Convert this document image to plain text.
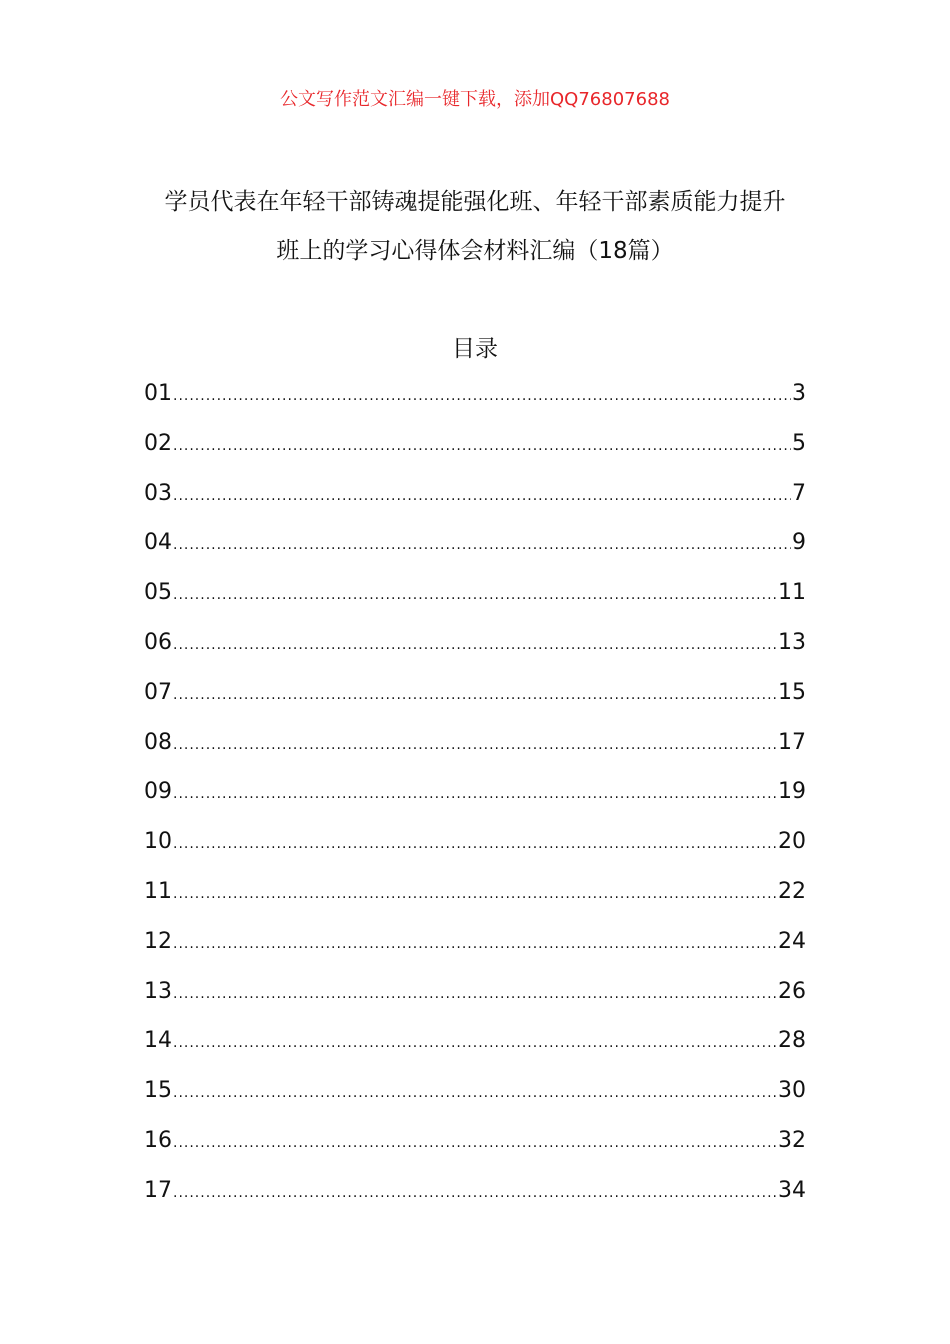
公文写作范文汇编一键下载，添加QQ76807688
学员代表在年轻干部铸魂提能强化班、年轻干部素质能力提升
班上的学习心得体会材料汇编（18篇）
目录
01 .....	3
02 .....	5
03 .....	7
04 .....	9
05 .....	11
06 .....	13
07 .....	15
08 .....	17
09 .....	19
10 .....	20
11 .....	22
12 .....	24
13 .....	26
14 .....	28
15 .....	30
16 .....	32
17 .....	34
